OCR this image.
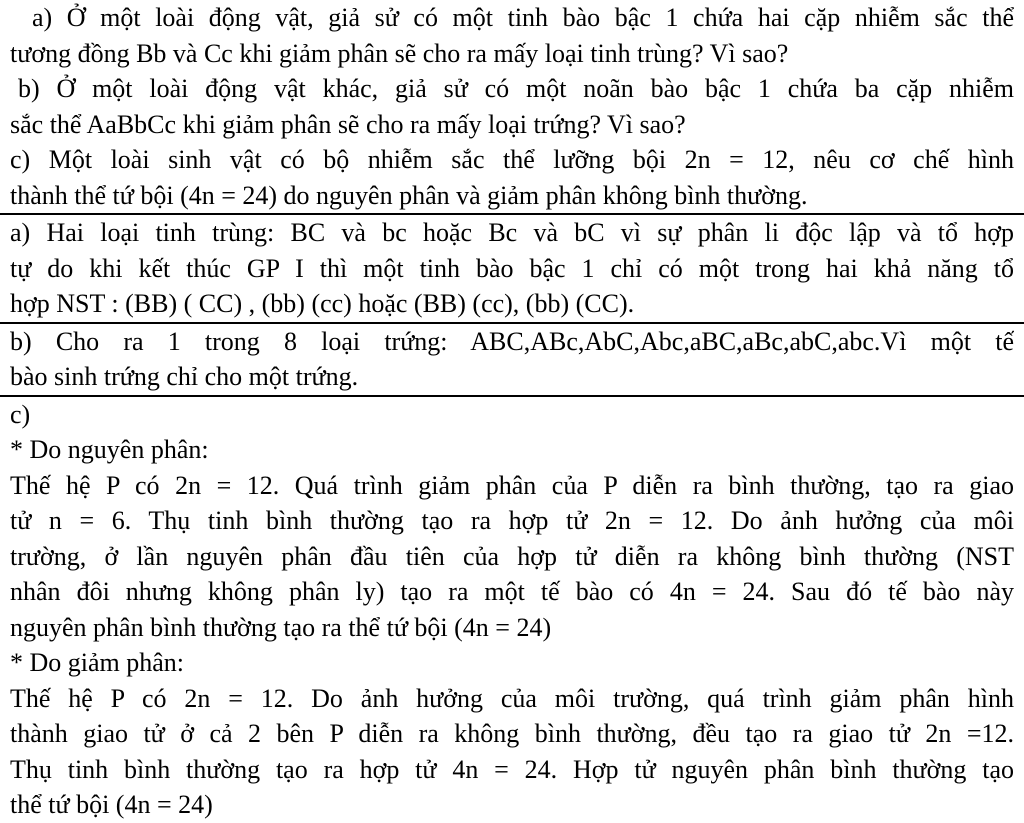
a) Ở một loài động vật, giả sử có một tinh bào bậc 1 chứa hai cặp nhiễm sắc thể
tương đồng Bb và Cc khi giảm phân sẽ cho ra mấy loại tinh trùng? Vì sao?
b) Ở một loài động vật khác, giả sử có một noãn bào bậc 1 chứa ba cặp nhiễm
sắc thể AaBbCc khi giảm phân sẽ cho ra mấy loại trứng? Vì sao?
c) Một loài sinh vật có bộ nhiễm sắc thể lưỡng bội 2n = 12, nêu cơ chế hình
thành thể tứ bội (4n = 24) do nguyên phân và giảm phân không bình thường.
a) Hai loại tinh trùng: BC và bc hoặc Bc và bC vì sự phân li độc lập và tổ hợp
tự do khi kết thúc GP I thì một tinh bào bậc 1 chỉ có một trong hai khả năng tổ
hợp NST : (BB) ( CC) , (bb) (cc) hoặc (BB) (cc), (bb) (CC).
b) Cho ra 1 trong 8 loại trứng: ABC,ABc,AbC,Abc,aBC,aBc,abC,abc.Vì một tế
bào sinh trứng chỉ cho một trứng.
c)
* Do nguyên phân:
Thế hệ P có 2n = 12. Quá trình giảm phân của P diễn ra bình thường, tạo ra giao
tử n = 6. Thụ tinh bình thường tạo ra hợp tử 2n = 12. Do ảnh hưởng của môi
trường, ở lần nguyên phân đầu tiên của hợp tử diễn ra không bình thường (NST
nhân đôi nhưng không phân ly) tạo ra một tế bào có 4n = 24. Sau đó tế bào này
nguyên phân bình thường tạo ra thể tứ bội (4n = 24)
* Do giảm phân:
Thế hệ P có 2n = 12. Do ảnh hưởng của môi trường, quá trình giảm phân hình
thành giao tử ở cả 2 bên P diễn ra không bình thường, đều tạo ra giao tử 2n =12.
Thụ tinh bình thường tạo ra hợp tử 4n = 24. Hợp tử nguyên phân bình thường tạo
thể tứ bội (4n = 24)
